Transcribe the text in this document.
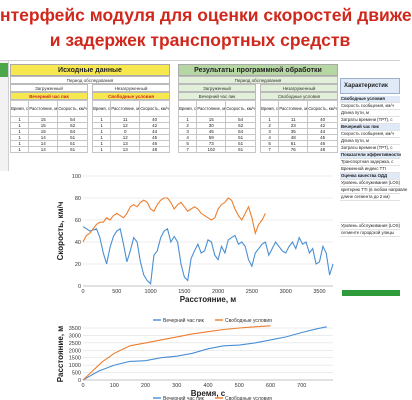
нтерфейс модуля для оценки скоростей движе
и задержек транспортных средств
Исходные данные
Период обследования
Загруженный	Незагруженный
Вечерний час пик	Свободные условия
Время, с	Расстояние, м	Скорость, км/ч
1	15	54
1	15	52
1	15	54
1	14	51
1	14	51
1	14	51
Время, с	Расстояние, м	Скорость, км/ч
1	11	40
1	12	42
1	0	44
1	12	45
1	13	46
1	13	48
Результаты программной обработки
Период обследования
Загруженный	Незагруженный
Вечерний час пик	Свободные условия
Время, с	Расстояние, м	Скорость, км/ч
1	15	54
2	30	52
3	45	54
4	59	51
5	73	51
7	102	51
Время, с	Расстояние, м	Скорость, км/ч
1	11	40
2	23	42
3	35	44
4	48	45
5	61	46
7	76	48
Характеристик
Свободные условия
Скорость сообщения, км/ч
Длина пути, м
Затраты времени (ТРТ), с
Вечерний час пик
Скорость сообщения, км/ч
Длина пути, м
Затраты времени (ТРТ), с
Показатели эффективности
Транспортная задержка, с
Временной индекс ТТI
Оценка качества ОДД
Уровень обслуживания (LOS)
критерию TTI (в любом направле
длине сегмента до 2 км)
Уровень обслуживания (LOS)
сегменте городской улицы
0
20
40
60
80
100
0	500	1000	1500	2000	2500	3000	3500
Расстояние, м
Скорость, км/ч
Вечерний час пик	Свободные условия
0
500
1000
1500
2000
2500
3000
3500
0	100	200	300	400	500	600	700
Время, с
Расстояние, м
Вечерний час пик	Свободные условия
